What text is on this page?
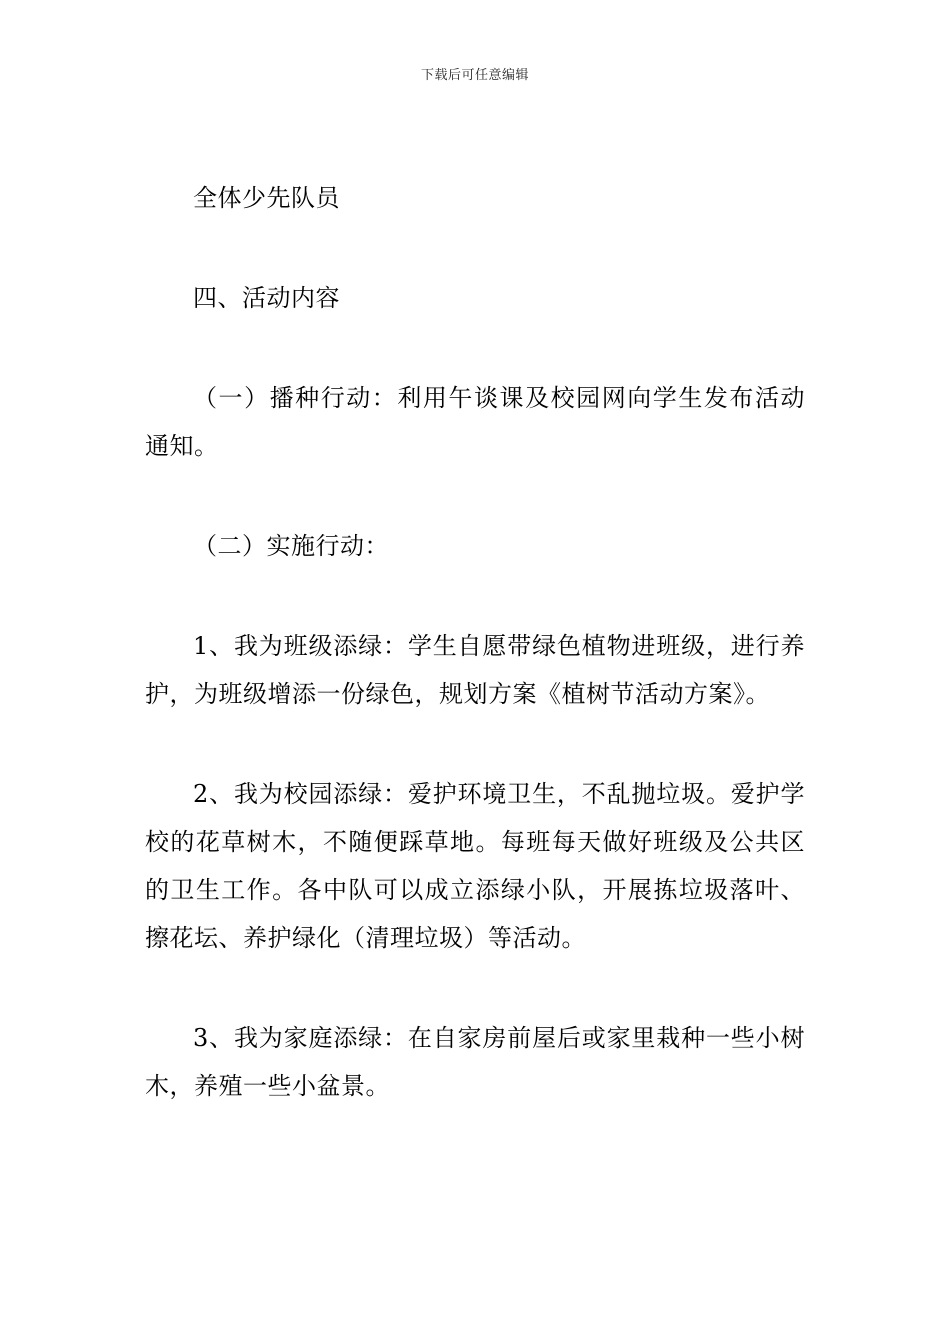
下载后可任意编辑

全体少先队员

四、活动内容

（一）播种行动：利用午谈课及校园网向学生发布活动通知。

（二）实施行动：

1、我为班级添绿：学生自愿带绿色植物进班级，进行养护，为班级增添一份绿色，规划方案《植树节活动方案》。

2、我为校园添绿：爱护环境卫生，不乱抛垃圾。爱护学校的花草树木，不随便踩草地。每班每天做好班级及公共区的卫生工作。各中队可以成立添绿小队，开展拣垃圾落叶、擦花坛、养护绿化（清理垃圾）等活动。

3、我为家庭添绿：在自家房前屋后或家里栽种一些小树木，养殖一些小盆景。
